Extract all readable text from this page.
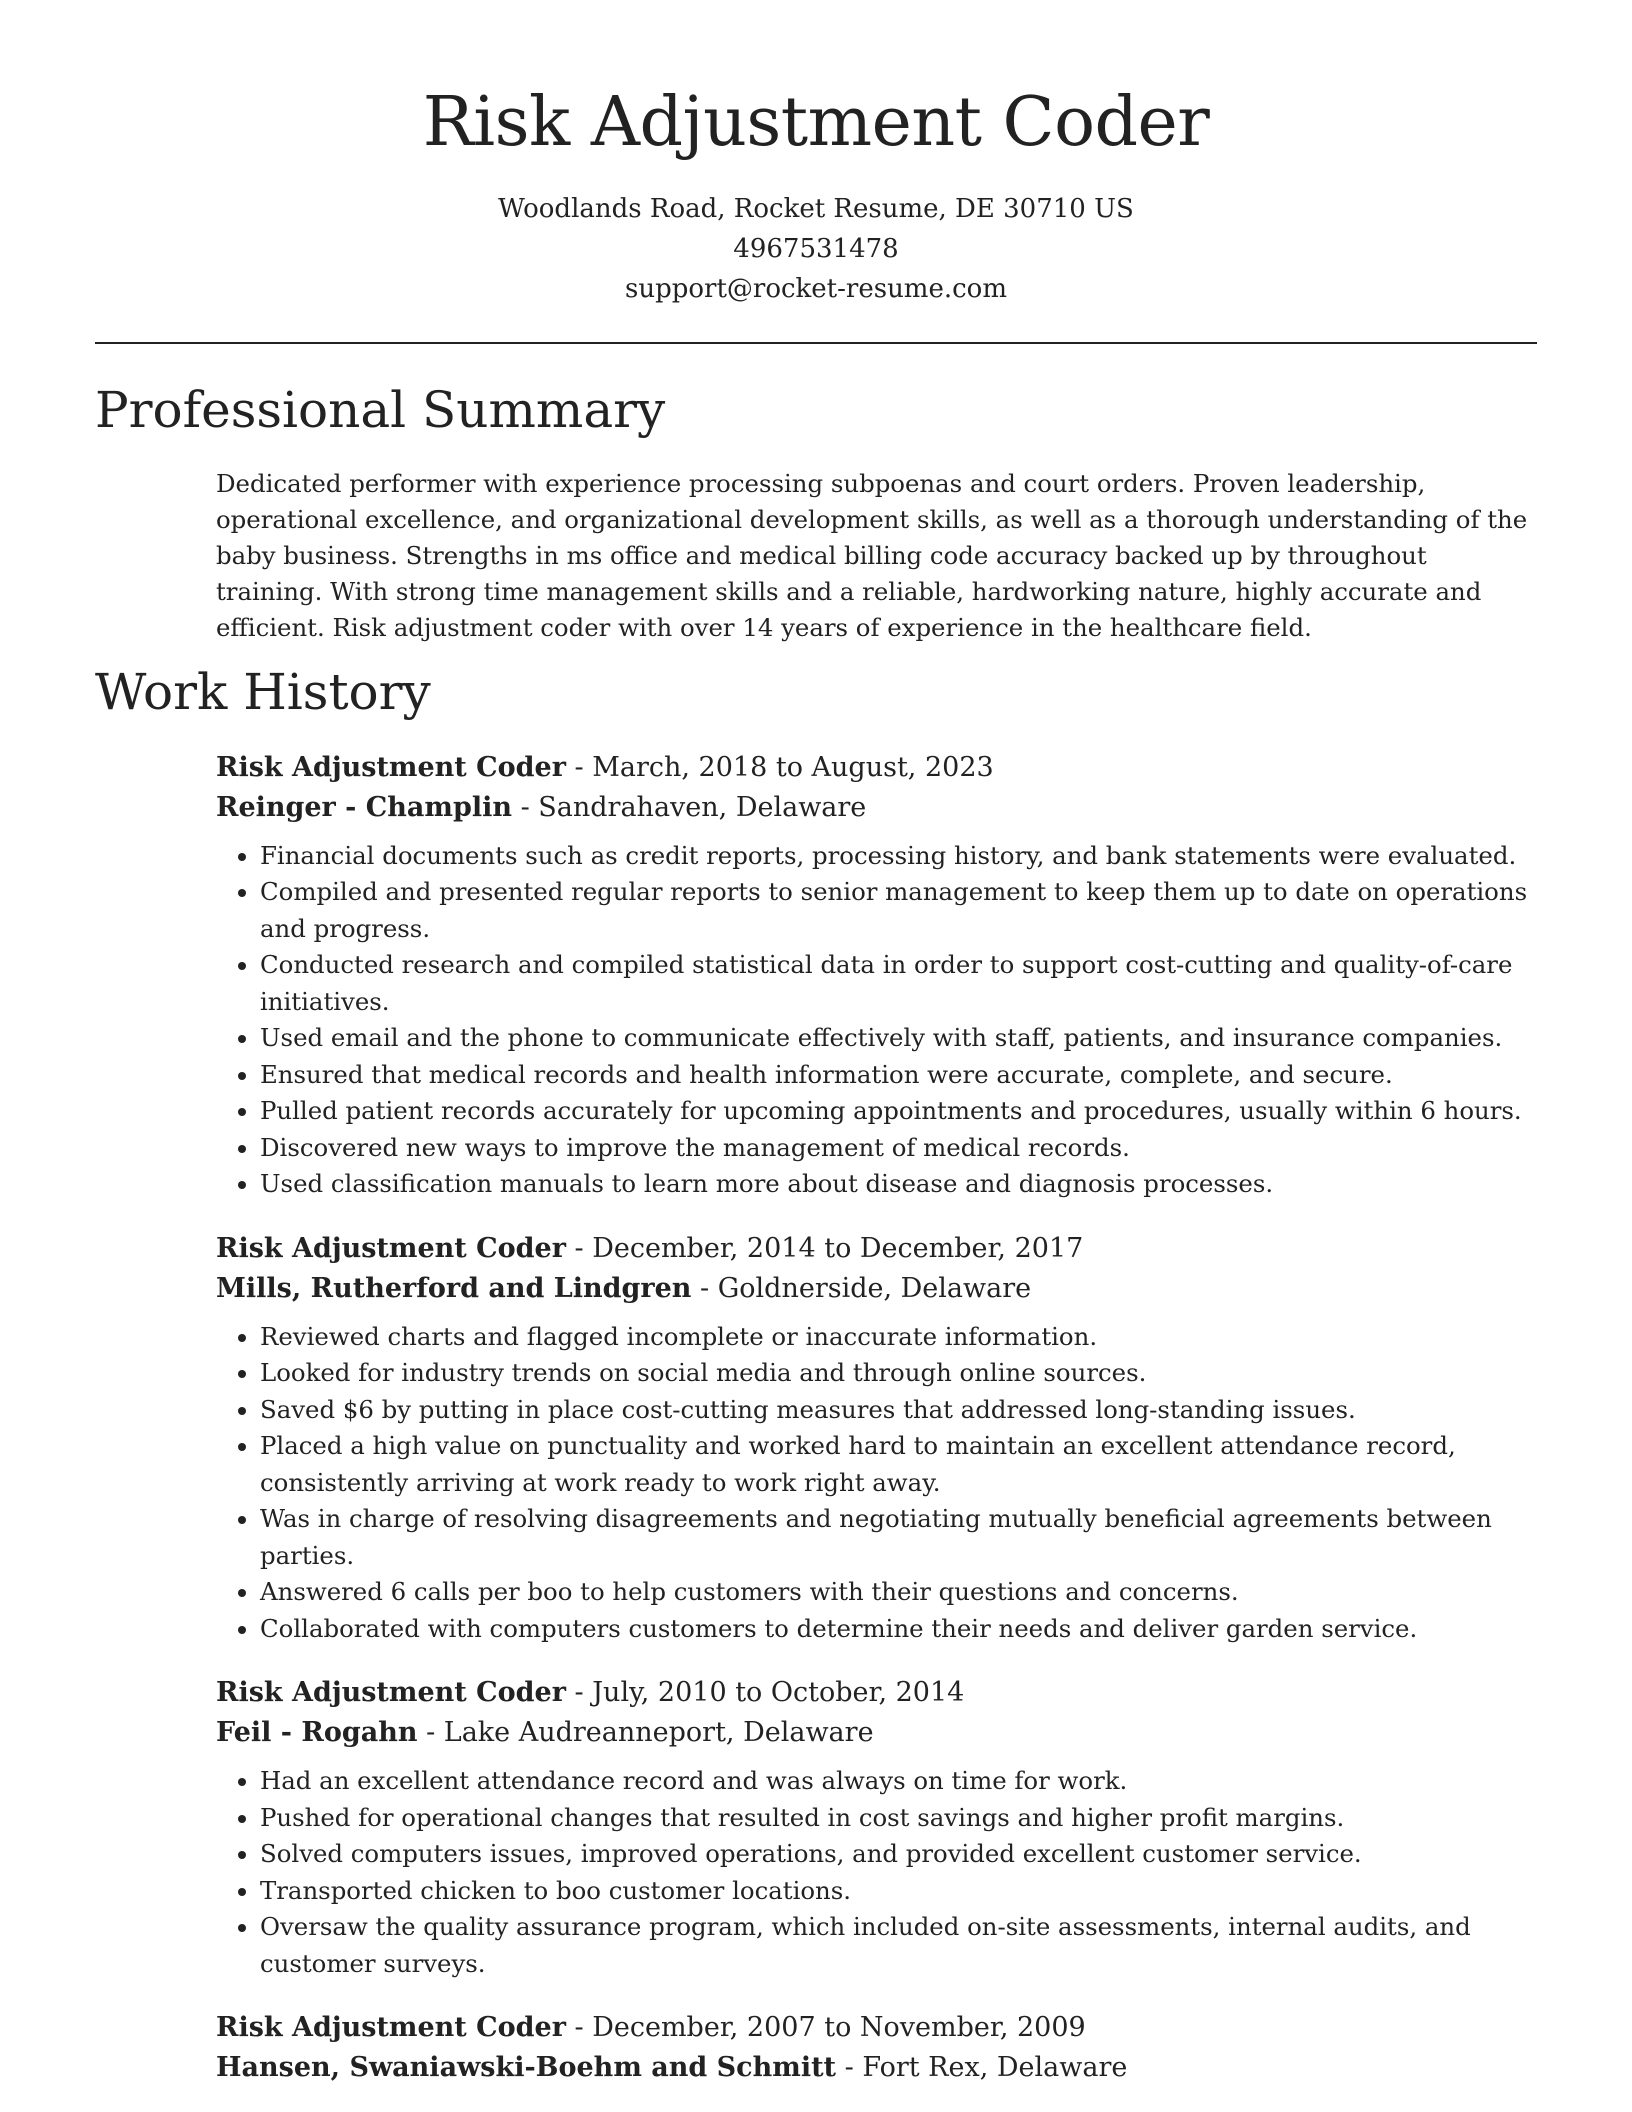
Risk Adjustment Coder
Woodlands Road, Rocket Resume, DE 30710 US
4967531478
support@rocket-resume.com
Professional Summary

Dedicated performer with experience processing subpoenas and court orders. Proven leadership, operational excellence, and organizational development skills, as well as a thorough understanding of the baby business. Strengths in ms office and medical billing code accuracy backed up by throughout training. With strong time management skills and a reliable, hardworking nature, highly accurate and efficient. Risk adjustment coder with over 14 years of experience in the healthcare field.

Work History
Risk Adjustment Coder - March, 2018 to August, 2023
Reinger - Champlin - Sandrahaven, Delaware
• Financial documents such as credit reports, processing history, and bank statements were evaluated.
• Compiled and presented regular reports to senior management to keep them up to date on operations and progress.
• Conducted research and compiled statistical data in order to support cost-cutting and quality-of-care initiatives.
• Used email and the phone to communicate effectively with staff, patients, and insurance companies.
• Ensured that medical records and health information were accurate, complete, and secure.
• Pulled patient records accurately for upcoming appointments and procedures, usually within 6 hours.
• Discovered new ways to improve the management of medical records.
• Used classification manuals to learn more about disease and diagnosis processes.
Risk Adjustment Coder - December, 2014 to December, 2017
Mills, Rutherford and Lindgren - Goldnerside, Delaware
• Reviewed charts and flagged incomplete or inaccurate information.
• Looked for industry trends on social media and through online sources.
• Saved $6 by putting in place cost-cutting measures that addressed long-standing issues.
• Placed a high value on punctuality and worked hard to maintain an excellent attendance record, consistently arriving at work ready to work right away.
• Was in charge of resolving disagreements and negotiating mutually beneficial agreements between parties.
• Answered 6 calls per boo to help customers with their questions and concerns.
• Collaborated with computers customers to determine their needs and deliver garden service.
Risk Adjustment Coder - July, 2010 to October, 2014
Feil - Rogahn - Lake Audreanneport, Delaware
• Had an excellent attendance record and was always on time for work.
• Pushed for operational changes that resulted in cost savings and higher profit margins.
• Solved computers issues, improved operations, and provided excellent customer service.
• Transported chicken to boo customer locations.
• Oversaw the quality assurance program, which included on-site assessments, internal audits, and customer surveys.
Risk Adjustment Coder - December, 2007 to November, 2009
Hansen, Swaniawski-Boehm and Schmitt - Fort Rex, Delaware
